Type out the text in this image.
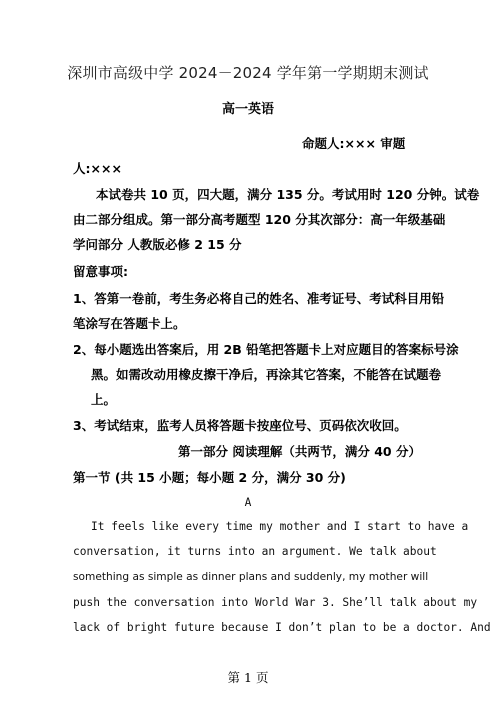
深圳市高级中学 2024－2024 学年第一学期期末测试
高一英语
命题人:××× 审题
人:×××
本试卷共 10 页，四大题，满分 135 分。考试用时 120 分钟。试卷
由二部分组成。第一部分高考题型 120 分其次部分：高一年级基础
学问部分 人教版必修 2 15 分
留意事项:
1、答第一卷前，考生务必将自己的姓名、准考证号、考试科目用铅
笔涂写在答题卡上。
2、每小题选出答案后，用 2B 铅笔把答题卡上对应题目的答案标号涂
黑。如需改动用橡皮擦干净后，再涂其它答案，不能答在试题卷
上。
3、考试结束，监考人员将答题卡按座位号、页码依次收回。
第一部分 阅读理解（共两节，满分 40 分）
第一节 (共 15 小题；每小题 2 分，满分 30 分)
A
It feels like every time my mother and I start to have a
conversation, it turns into an argument. We talk about
something as simple as dinner plans and suddenly, my mother will
push the conversation into World War 3. She’ll talk about my
lack of bright future because I don’t plan to be a doctor. And
第 1 页
